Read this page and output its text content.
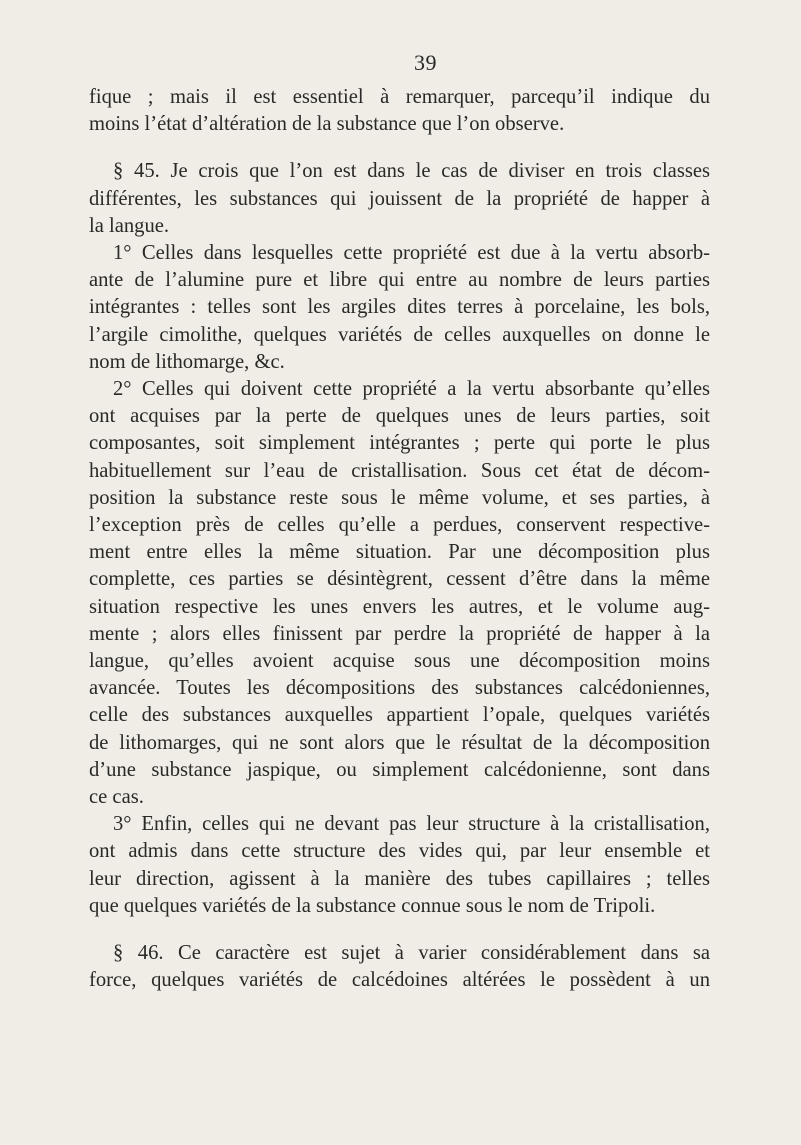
39
fique ; mais il est essentiel à remarquer, parcequ’il indique du
moins l’état d’altération de la substance que l’on observe.
§ 45. Je crois que l’on est dans le cas de diviser en trois classes
différentes, les substances qui jouissent de la propriété de happer à
la langue.
1° Celles dans lesquelles cette propriété est due à la vertu absorb-
ante de l’alumine pure et libre qui entre au nombre de leurs parties
intégrantes : telles sont les argiles dites terres à porcelaine, les bols,
l’argile cimolithe, quelques variétés de celles auxquelles on donne le
nom de lithomarge, &c.
2° Celles qui doivent cette propriété a la vertu absorbante qu’elles
ont acquises par la perte de quelques unes de leurs parties, soit
composantes, soit simplement intégrantes ; perte qui porte le plus
habituellement sur l’eau de cristallisation. Sous cet état de décom-
position la substance reste sous le même volume, et ses parties, à
l’exception près de celles qu’elle a perdues, conservent respective-
ment entre elles la même situation. Par une décomposition plus
complette, ces parties se désintègrent, cessent d’être dans la même
situation respective les unes envers les autres, et le volume aug-
mente ; alors elles finissent par perdre la propriété de happer à la
langue, qu’elles avoient acquise sous une décomposition moins
avancée. Toutes les décompositions des substances calcédoniennes,
celle des substances auxquelles appartient l’opale, quelques variétés
de lithomarges, qui ne sont alors que le résultat de la décomposition
d’une substance jaspique, ou simplement calcédonienne, sont dans
ce cas.
3° Enfin, celles qui ne devant pas leur structure à la cristallisation,
ont admis dans cette structure des vides qui, par leur ensemble et
leur direction, agissent à la manière des tubes capillaires ; telles
que quelques variétés de la substance connue sous le nom de Tripoli.
§ 46. Ce caractère est sujet à varier considérablement dans sa
force, quelques variétés de calcédoines altérées le possèdent à un
